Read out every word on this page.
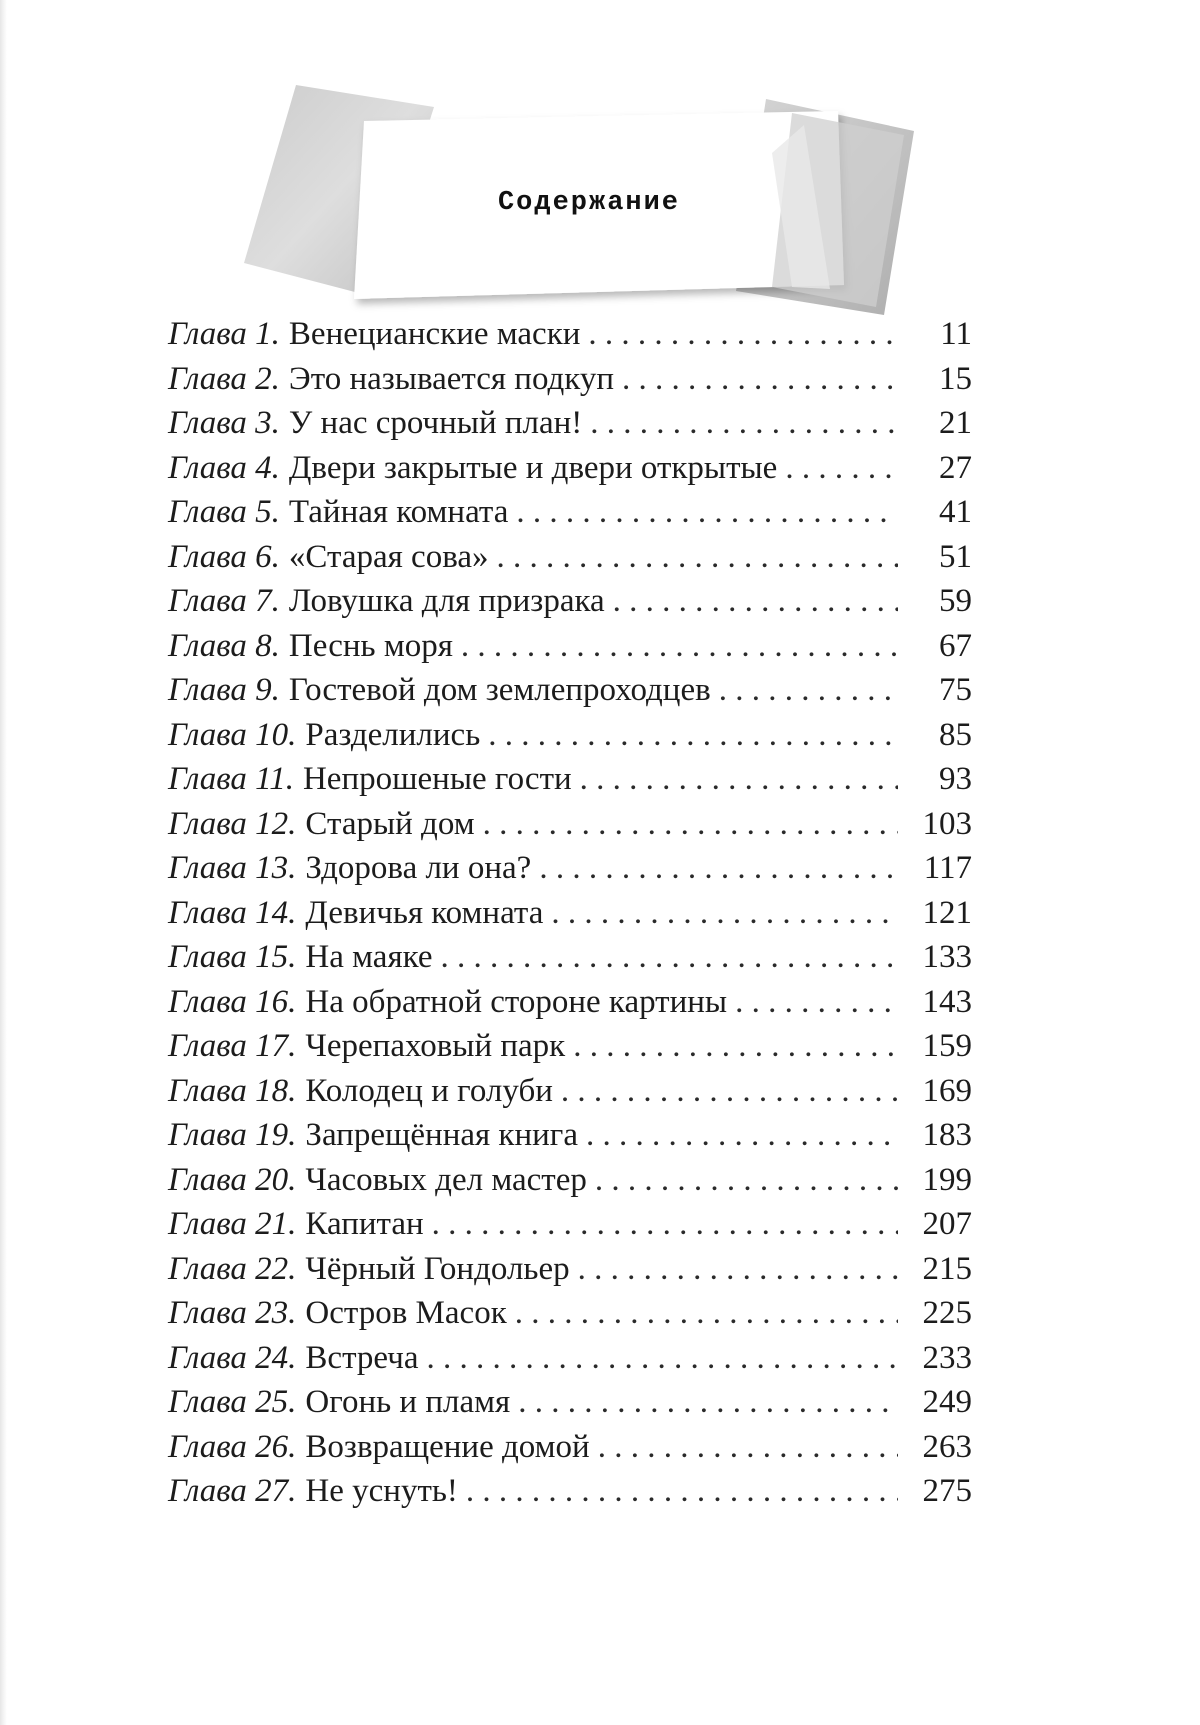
Содержание
Глава 1. Венецианские маски . . .	11
Глава 2. Это называется подкуп . . .	15
Глава 3. У нас срочный план! . . .	21
Глава 4. Двери закрытые и двери открытые . . .	27
Глава 5. Тайная комната . . .	41
Глава 6. «Старая сова» . . .	51
Глава 7. Ловушка для призрака . . .	59
Глава 8. Песнь моря . . .	67
Глава 9. Гостевой дом землепроходцев . . .	75
Глава 10. Разделились . . .	85
Глава 11. Непрошеные гости . . .	93
Глава 12. Старый дом . . .	103
Глава 13. Здорова ли она? . . .	117
Глава 14. Девичья комната . . .	121
Глава 15. На маяке . . .	133
Глава 16. На обратной стороне картины . . .	143
Глава 17. Черепаховый парк . . .	159
Глава 18. Колодец и голуби . . .	169
Глава 19. Запрещённая книга . . .	183
Глава 20. Часовых дел мастер . . .	199
Глава 21. Капитан . . .	207
Глава 22. Чёрный Гондольер . . .	215
Глава 23. Остров Масок . . .	225
Глава 24. Встреча . . .	233
Глава 25. Огонь и пламя . . .	249
Глава 26. Возвращение домой . . .	263
Глава 27. Не уснуть! . . .	275
